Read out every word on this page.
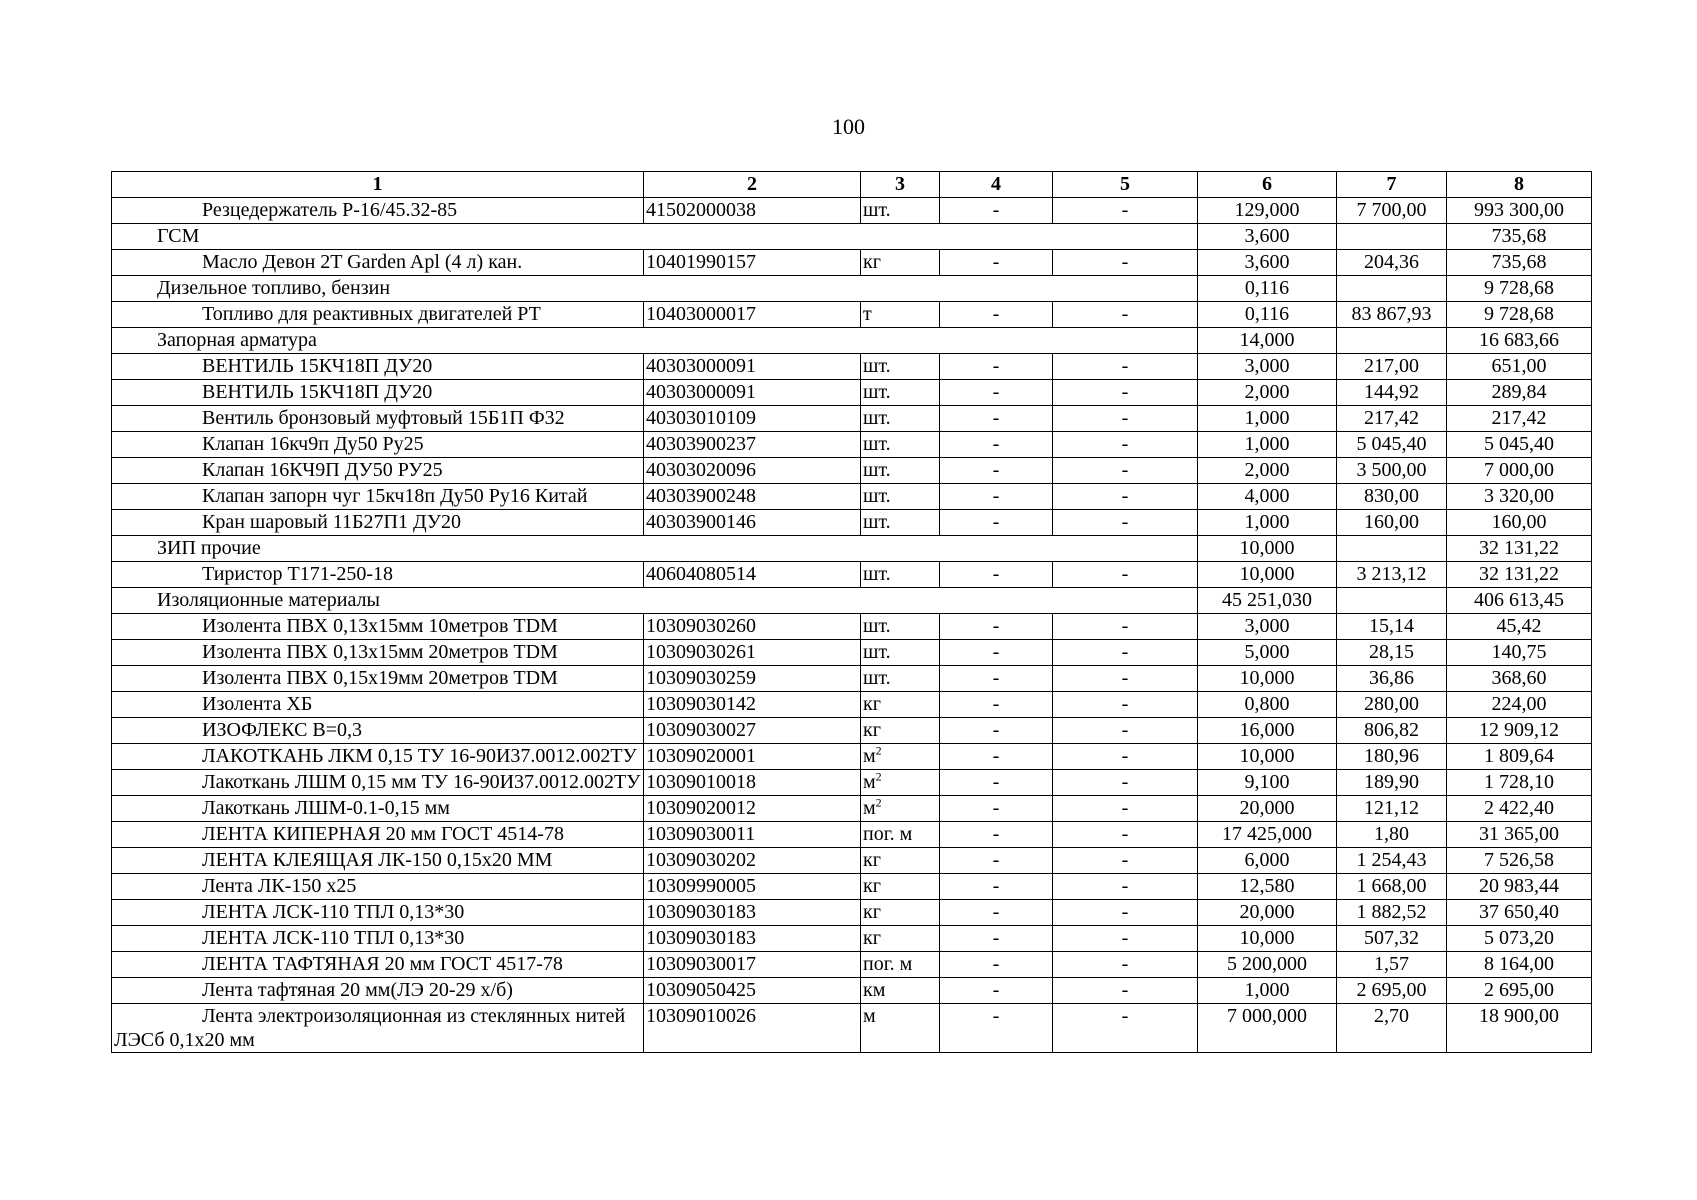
100
1	2	3	4	5	6	7	8
Резцедержатель Р-16/45.32-85	41502000038	шт.	-	-	129,000	7 700,00	993 300,00
ГСМ					3,600		735,68
Масло Девон 2T Garden Apl (4 л) кан.	10401990157	кг	-	-	3,600	204,36	735,68
Дизельное топливо, бензин					0,116		9 728,68
Топливо для реактивных двигателей РТ	10403000017	т	-	-	0,116	83 867,93	9 728,68
Запорная арматура					14,000		16 683,66
ВЕНТИЛЬ 15КЧ18П ДУ20	40303000091	шт.	-	-	3,000	217,00	651,00
ВЕНТИЛЬ 15КЧ18П ДУ20	40303000091	шт.	-	-	2,000	144,92	289,84
Вентиль бронзовый муфтовый 15Б1П Ф32	40303010109	шт.	-	-	1,000	217,42	217,42
Клапан 16кч9п Ду50 Ру25	40303900237	шт.	-	-	1,000	5 045,40	5 045,40
Клапан 16КЧ9П ДУ50 РУ25	40303020096	шт.	-	-	2,000	3 500,00	7 000,00
Клапан запорн чуг 15кч18п Ду50 Ру16 Китай	40303900248	шт.	-	-	4,000	830,00	3 320,00
Кран шаровый 11Б27П1 ДУ20	40303900146	шт.	-	-	1,000	160,00	160,00
ЗИП прочие					10,000		32 131,22
Тиристор Т171-250-18	40604080514	шт.	-	-	10,000	3 213,12	32 131,22
Изоляционные материалы					45 251,030		406 613,45
Изолента ПВХ 0,13х15мм 10метров TDM	10309030260	шт.	-	-	3,000	15,14	45,42
Изолента ПВХ 0,13х15мм 20метров TDM	10309030261	шт.	-	-	5,000	28,15	140,75
Изолента ПВХ 0,15х19мм 20метров TDM	10309030259	шт.	-	-	10,000	36,86	368,60
Изолента ХБ	10309030142	кг	-	-	0,800	280,00	224,00
ИЗОФЛЕКС В=0,3	10309030027	кг	-	-	16,000	806,82	12 909,12
ЛАКОТКАНЬ ЛКМ 0,15 ТУ 16-90И37.0012.002ТУ	10309020001	$м^2$	-	-	10,000	180,96	1 809,64
Лакоткань ЛШМ 0,15 мм ТУ 16-90И37.0012.002ТУ	10309010018	$м^2$	-	-	9,100	189,90	1 728,10
Лакоткань ЛШМ-0.1-0,15 мм	10309020012	$м^2$	-	-	20,000	121,12	2 422,40
ЛЕНТА КИПЕРНАЯ 20 мм ГОСТ 4514-78	10309030011	пог. м	-	-	17 425,000	1,80	31 365,00
ЛЕНТА КЛЕЯЩАЯ ЛК-150 0,15х20 ММ	10309030202	кг	-	-	6,000	1 254,43	7 526,58
Лента ЛК-150 х25	10309990005	кг	-	-	12,580	1 668,00	20 983,44
ЛЕНТА ЛСК-110 ТПЛ 0,13*30	10309030183	кг	-	-	20,000	1 882,52	37 650,40
ЛЕНТА ЛСК-110 ТПЛ 0,13*30	10309030183	кг	-	-	10,000	507,32	5 073,20
ЛЕНТА ТАФТЯНАЯ 20 мм ГОСТ 4517-78	10309030017	пог. м	-	-	5 200,000	1,57	8 164,00
Лента тафтяная 20 мм(ЛЭ 20-29 х/б)	10309050425	км	-	-	1,000	2 695,00	2 695,00
Лента электроизоляционная из стеклянных нитей ЛЭСб 0,1х20 мм	10309010026	м	-	-	7 000,000	2,70	18 900,00
